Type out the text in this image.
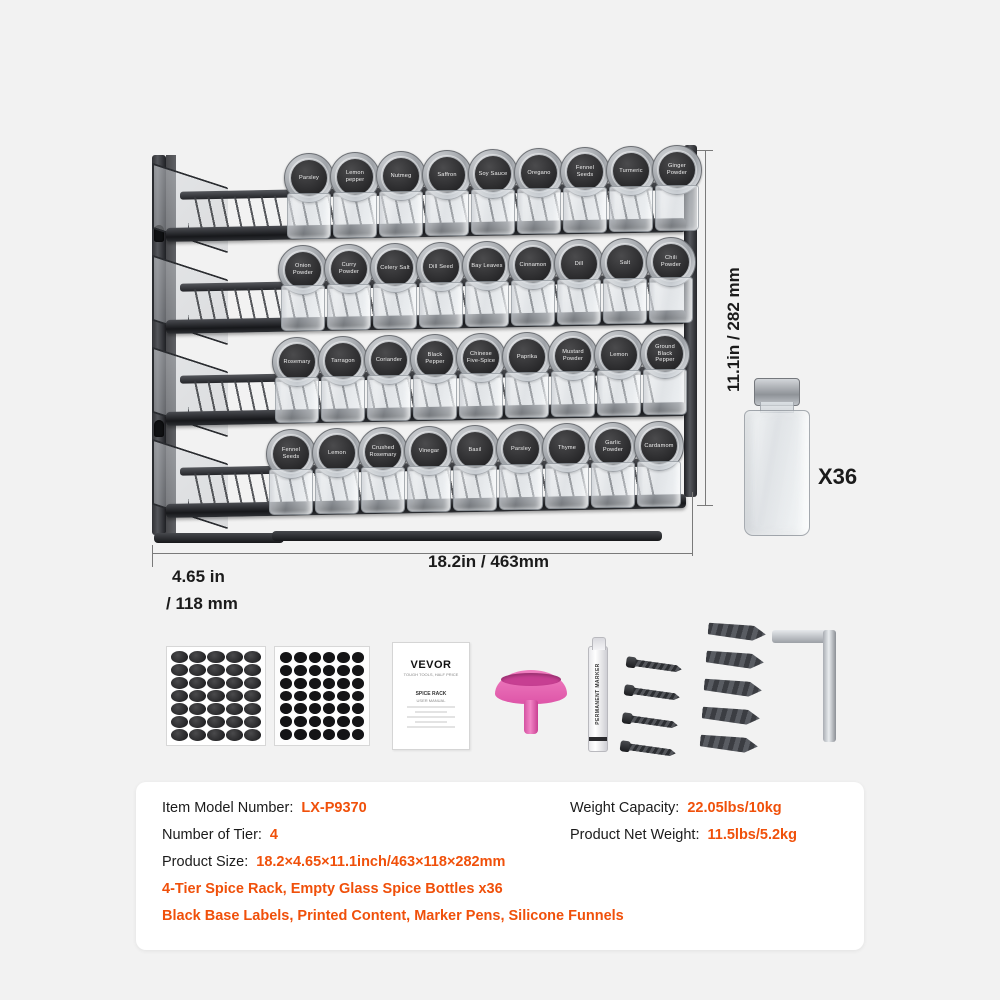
Parsley
Lemon pepper
Nutmeg	Saffron	Soy Sauce	Oregano
Fennel Seeds
Turmeric
Ginger Powder
Onion Powder
Curry Powder
Celery Salt	Dill Seed	Bay Leaves	Cinnamon	Dill	Salt
Chili Powder
Rosemary	Tarragon	Coriander
Black Pepper
Chinese Five-Spice
Paprika
Mustard Powder
Lemon
Ground Black Pepper
Fennel Seeds
Lemon
Crushed Rosemary
Vinegar	Basil	Parsley	Thyme
Garlic Powder
Cardamom
11.1in / 282 mm
18.2in / 463mm
4.65 in
/ 118 mm
X36
VEVOR
TOUGH TOOLS, HALF PRICE
SPICE RACK
USER MANUAL	PERMANENT MARKER
Item Model Number: LX-P9370	Weight Capacity: 22.05lbs/10kg
Number of Tier: 4	Product Net Weight: 11.5lbs/5.2kg
Product Size: 18.2×4.65×11.1inch/463×118×282mm
4-Tier Spice Rack, Empty Glass Spice Bottles x36
Black Base Labels, Printed Content, Marker Pens, Silicone Funnels
